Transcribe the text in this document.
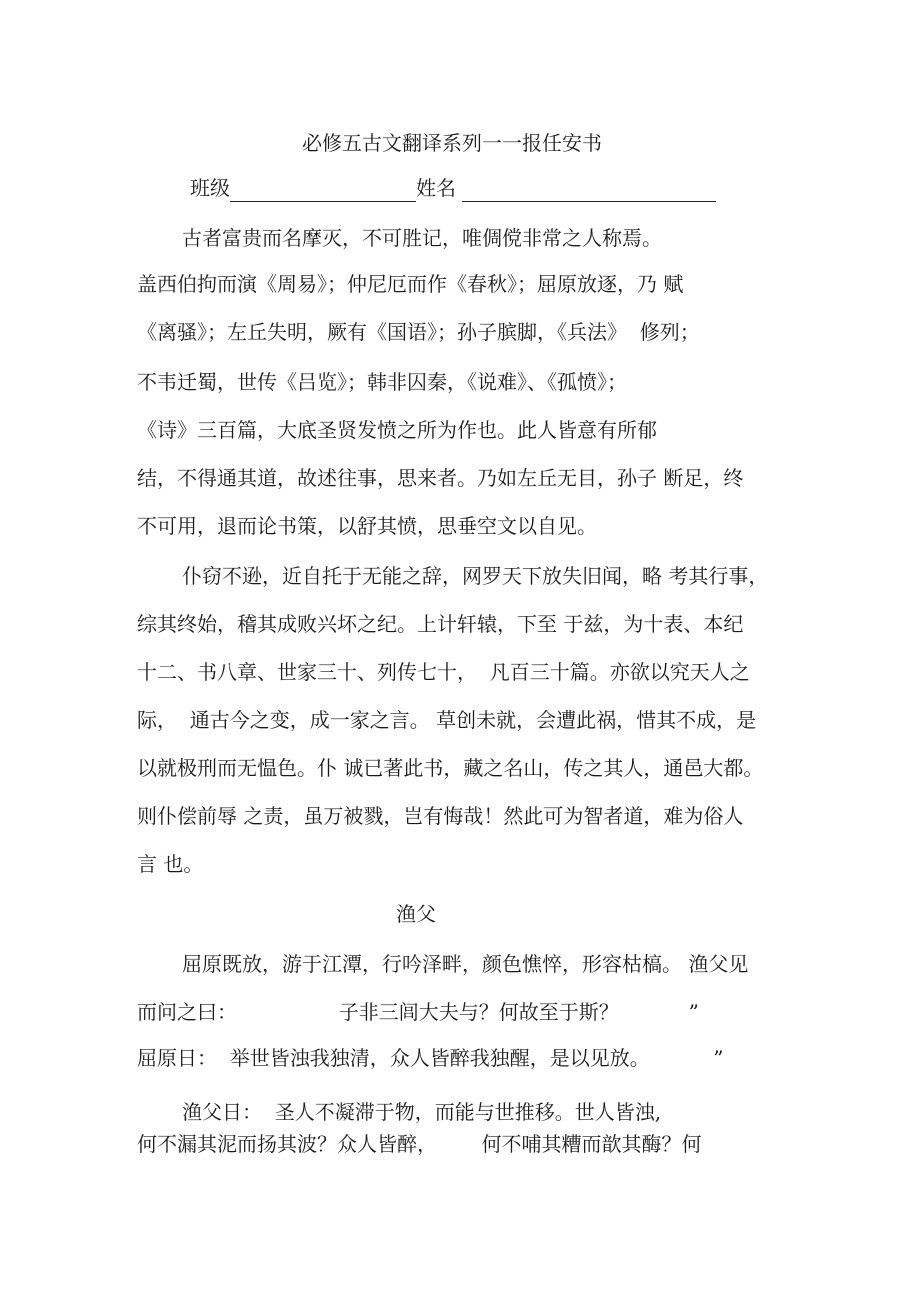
必修五古文翻译系列一一报任安书

班级	姓名

古者富贵而名摩灭，不可胜记，唯倜傥非常之人称焉。

盖西伯拘而演《周易》；仲尼厄而作《春秋》；屈原放逐，乃 赋

《离骚》；左丘失明，厥有《国语》；孙子膑脚，《兵法》  修列；

不韦迁蜀，世传《吕览》；韩非囚秦，《说难》、《孤愤》；

《诗》三百篇，大底圣贤发愤之所为作也。此人皆意有所郁

结，不得通其道，故述往事，思来者。乃如左丘无目，孙子 断足，终

不可用，退而论书策，以舒其愤，思垂空文以自见。

仆窃不逊，近自托于无能之辞，网罗天下放失旧闻，略 考其行事，

综其终始，稽其成败兴坏之纪。上计轩辕，下至 于兹，为十表、本纪

十二、书八章、世家三十、列传七十，  凡百三十篇。亦欲以究天人之

际，  通古今之变，成一家之言。 草创未就，会遭此祸，惜其不成，是

以就极刑而无愠色。仆 诚已著此书，藏之名山，传之其人，通邑大都。

则仆偿前辱 之责，虽万被戮，岂有悔哉！然此可为智者道，难为俗人

言 也。

渔父

屈原既放，游于江潭，行吟泽畔，颜色憔悴，形容枯槁。 渔父见

而问之曰：                子非三闾大夫与？何故至于斯？           ”

屈原日：  举世皆浊我独清，众人皆醉我独醒，是以见放。          ”

渔父日：  圣人不凝滞于物，而能与世推移。世人皆浊,

何不漏其泥而扬其波？众人皆醉，       何不哺其糟而歆其酶？何
